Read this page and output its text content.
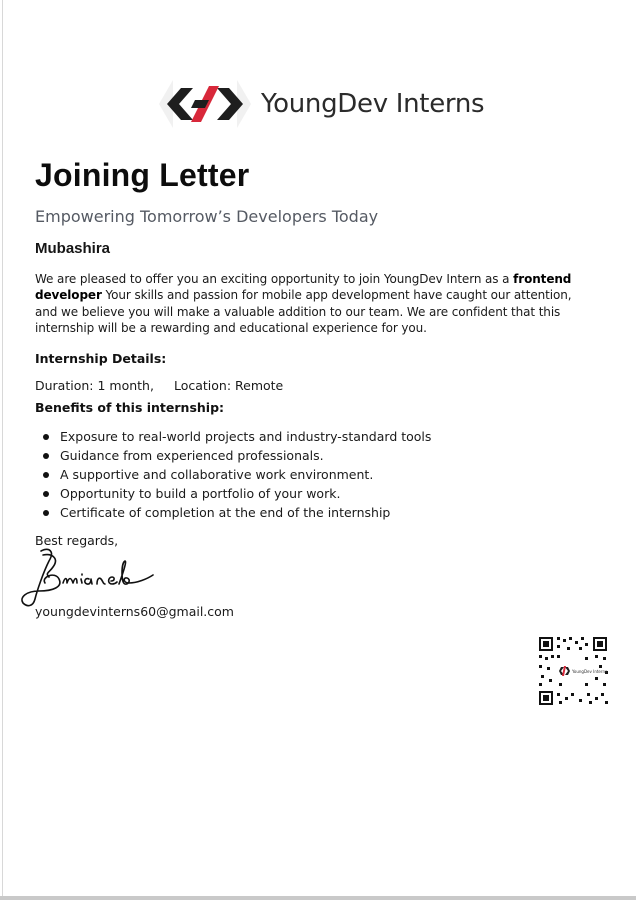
YoungDev Interns
Joining Letter

Empowering Tomorrow’s Developers Today

Mubashira

We are pleased to offer you an exciting opportunity to join YoungDev Intern as a frontend developer Your skills and passion for mobile app development have caught our attention, and we believe you will make a valuable addition to our team. We are confident that this internship will be a rewarding and educational experience for you.

Internship Details:

Duration: 1 month, Location: Remote

Benefits of this internship:

Exposure to real-world projects and industry-standard tools
Guidance from experienced professionals.
A supportive and collaborative work environment.
Opportunity to build a portfolio of your work.
Certificate of completion at the end of the internship

Best regards,

youngdevinterns60@gmail.com

YoungDev Interns
